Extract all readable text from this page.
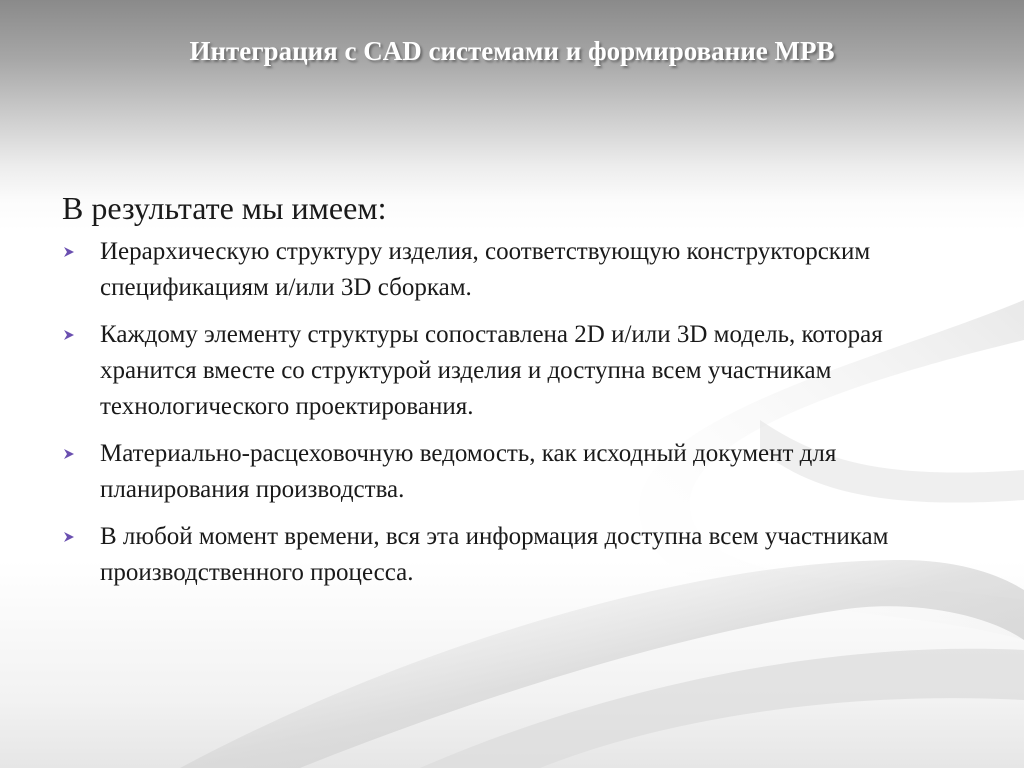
Интеграция с CAD системами и формирование МРВ

В результате мы имеем:

Иерархическую структуру изделия, соответствующую конструкторским спецификациям и/или 3D сборкам.
Каждому элементу структуры сопоставлена 2D и/или 3D модель, которая хранится вместе со структурой изделия и доступна всем участникам технологического проектирования.
Материально-расцеховочную ведомость, как исходный документ для планирования производства.
В любой момент времени, вся эта информация доступна всем участникам производственного процесса.
